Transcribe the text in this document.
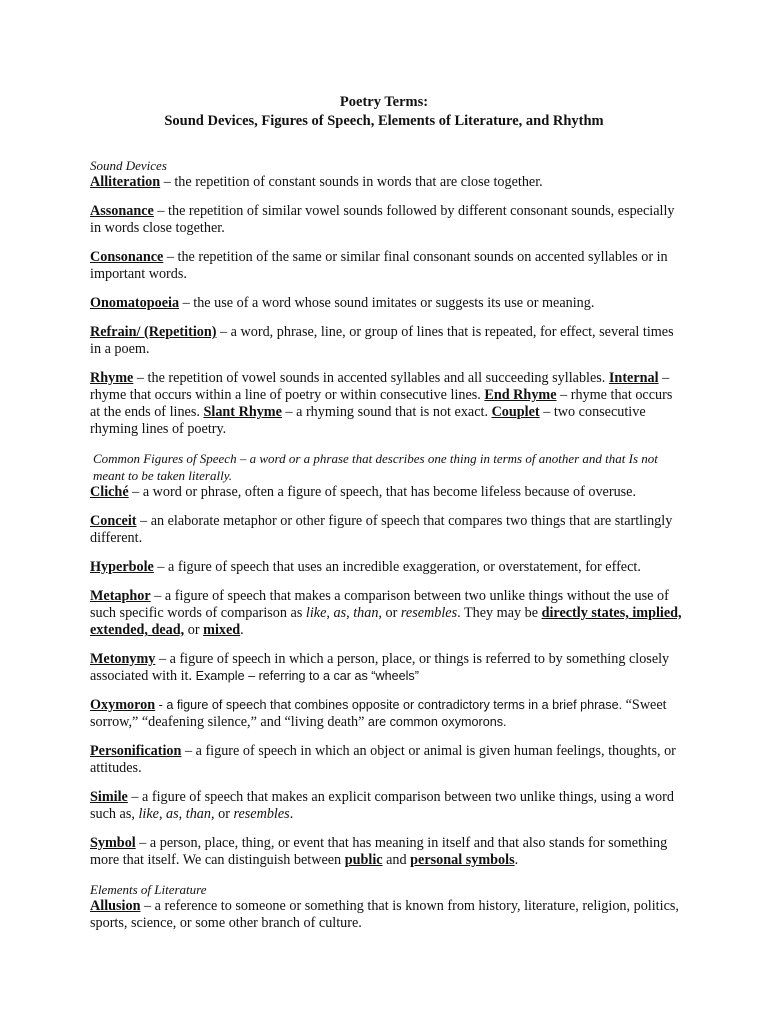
Poetry Terms:
Sound Devices, Figures of Speech, Elements of Literature, and Rhythm
Sound Devices

Alliteration – the repetition of constant sounds in words that are close together.

Assonance – the repetition of similar vowel sounds followed by different consonant sounds, especially in words close together.

Consonance – the repetition of the same or similar final consonant sounds on accented syllables or in important words.

Onomatopoeia – the use of a word whose sound imitates or suggests its use or meaning.

Refrain/ (Repetition) – a word, phrase, line, or group of lines that is repeated, for effect, several times in a poem.

Rhyme – the repetition of vowel sounds in accented syllables and all succeeding syllables. Internal – rhyme that occurs within a line of poetry or within consecutive lines. End Rhyme – rhyme that occurs at the ends of lines. Slant Rhyme – a rhyming sound that is not exact. Couplet – two consecutive rhyming lines of poetry.

Common Figures of Speech – a word or a phrase that describes one thing in terms of another and that Is not meant to be taken literally.

Cliché – a word or phrase, often a figure of speech, that has become lifeless because of overuse.

Conceit – an elaborate metaphor or other figure of speech that compares two things that are startlingly different.

Hyperbole – a figure of speech that uses an incredible exaggeration, or overstatement, for effect.

Metaphor – a figure of speech that makes a comparison between two unlike things without the use of such specific words of comparison as like, as, than, or resembles. They may be directly states, implied, extended, dead, or mixed.

Metonymy – a figure of speech in which a person, place, or things is referred to by something closely associated with it. Example – referring to a car as “wheels”

Oxymoron - a figure of speech that combines opposite or contradictory terms in a brief phrase. “Sweet sorrow,” “deafening silence,” and “living death” are common oxymorons.

Personification – a figure of speech in which an object or animal is given human feelings, thoughts, or attitudes.

Simile – a figure of speech that makes an explicit comparison between two unlike things, using a word such as, like, as, than, or resembles.

Symbol – a person, place, thing, or event that has meaning in itself and that also stands for something more that itself. We can distinguish between public and personal symbols.

Elements of Literature

Allusion – a reference to someone or something that is known from history, literature, religion, politics, sports, science, or some other branch of culture.
